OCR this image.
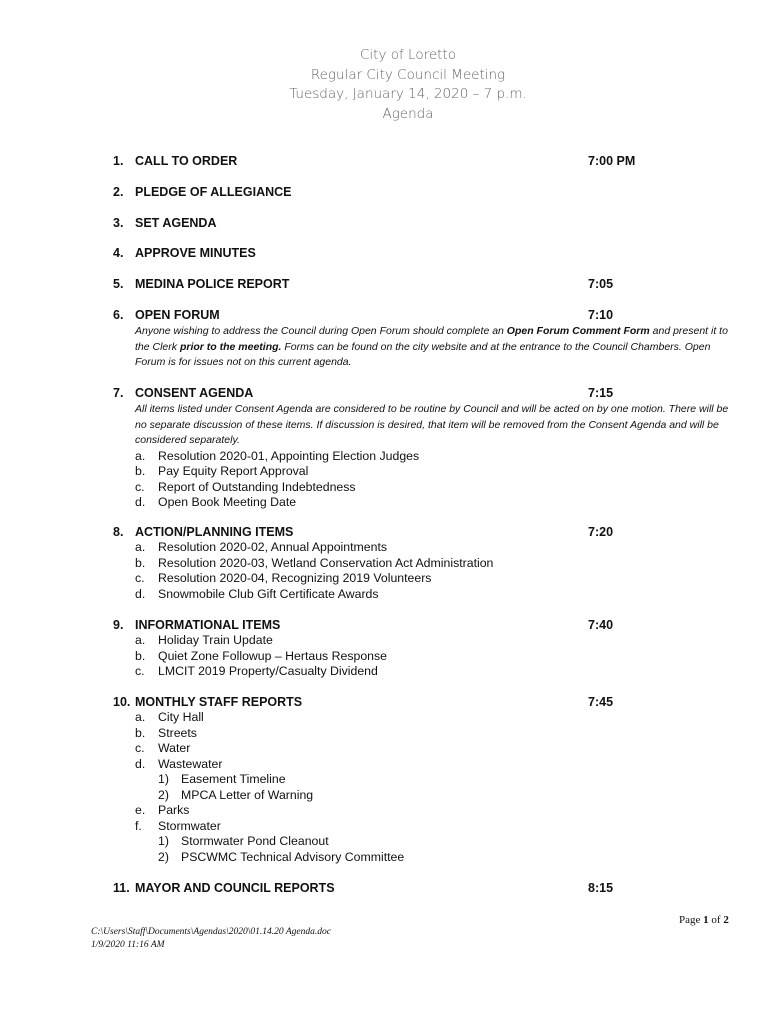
City of Loretto
Regular City Council Meeting
Tuesday, January 14, 2020 – 7 p.m.
Agenda
1. CALL TO ORDER	7:00 PM
2. PLEDGE OF ALLEGIANCE
3. SET AGENDA
4. APPROVE MINUTES
5. MEDINA POLICE REPORT	7:05
6. OPEN FORUM	7:10
Anyone wishing to address the Council during Open Forum should complete an Open Forum Comment Form and present it to the Clerk prior to the meeting. Forms can be found on the city website and at the entrance to the Council Chambers. Open Forum is for issues not on this current agenda.
7. CONSENT AGENDA	7:15
All items listed under Consent Agenda are considered to be routine by Council and will be acted on by one motion. There will be no separate discussion of these items. If discussion is desired, that item will be removed from the Consent Agenda and will be considered separately.
a. Resolution 2020-01, Appointing Election Judges
b. Pay Equity Report Approval
c. Report of Outstanding Indebtedness
d. Open Book Meeting Date
8. ACTION/PLANNING ITEMS	7:20
a. Resolution 2020-02, Annual Appointments
b. Resolution 2020-03, Wetland Conservation Act Administration
c. Resolution 2020-04, Recognizing 2019 Volunteers
d. Snowmobile Club Gift Certificate Awards
9. INFORMATIONAL ITEMS	7:40
a. Holiday Train Update
b. Quiet Zone Followup – Hertaus Response
c. LMCIT 2019 Property/Casualty Dividend
10. MONTHLY STAFF REPORTS	7:45
a. City Hall
b. Streets
c. Water
d. Wastewater
1) Easement Timeline
2) MPCA Letter of Warning
e. Parks
f. Stormwater
1) Stormwater Pond Cleanout
2) PSCWMC Technical Advisory Committee
11. MAYOR AND COUNCIL REPORTS	8:15
Page 1 of 2
C:\Users\Staff\Documents\Agendas\2020\01.14.20 Agenda.doc
1/9/2020 11:16 AM
